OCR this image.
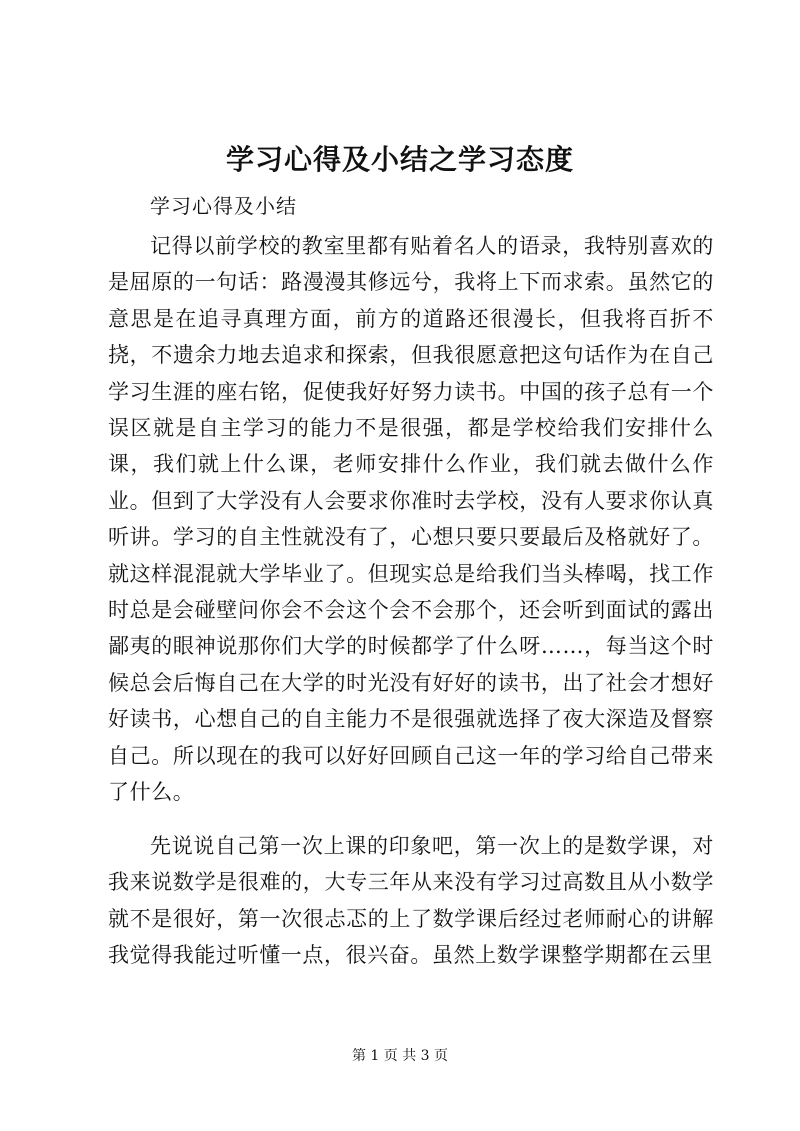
学习心得及小结之学习态度

学习心得及小结

记得以前学校的教室里都有贴着名人的语录，我特别喜欢的是屈原的一句话：路漫漫其修远兮，我将上下而求索。虽然它的意思是在追寻真理方面，前方的道路还很漫长，但我将百折不挠，不遗余力地去追求和探索，但我很愿意把这句话作为在自己学习生涯的座右铭，促使我好好努力读书。中国的孩子总有一个误区就是自主学习的能力不是很强，都是学校给我们安排什么课，我们就上什么课，老师安排什么作业，我们就去做什么作业。但到了大学没有人会要求你准时去学校，没有人要求你认真听讲。学习的自主性就没有了，心想只要只要最后及格就好了。就这样混混就大学毕业了。但现实总是给我们当头棒喝，找工作时总是会碰壁问你会不会这个会不会那个，还会听到面试的露出鄙夷的眼神说那你们大学的时候都学了什么呀……，每当这个时候总会后悔自己在大学的时光没有好好的读书，出了社会才想好好读书，心想自己的自主能力不是很强就选择了夜大深造及督察自己。所以现在的我可以好好回顾自己这一年的学习给自己带来了什么。

先说说自己第一次上课的印象吧，第一次上的是数学课，对我来说数学是很难的，大专三年从来没有学习过高数且从小数学就不是很好，第一次很忐忑的上了数学课后经过老师耐心的讲解我觉得我能过听懂一点，很兴奋。虽然上数学课整学期都在云里

第 1 页 共 3 页
